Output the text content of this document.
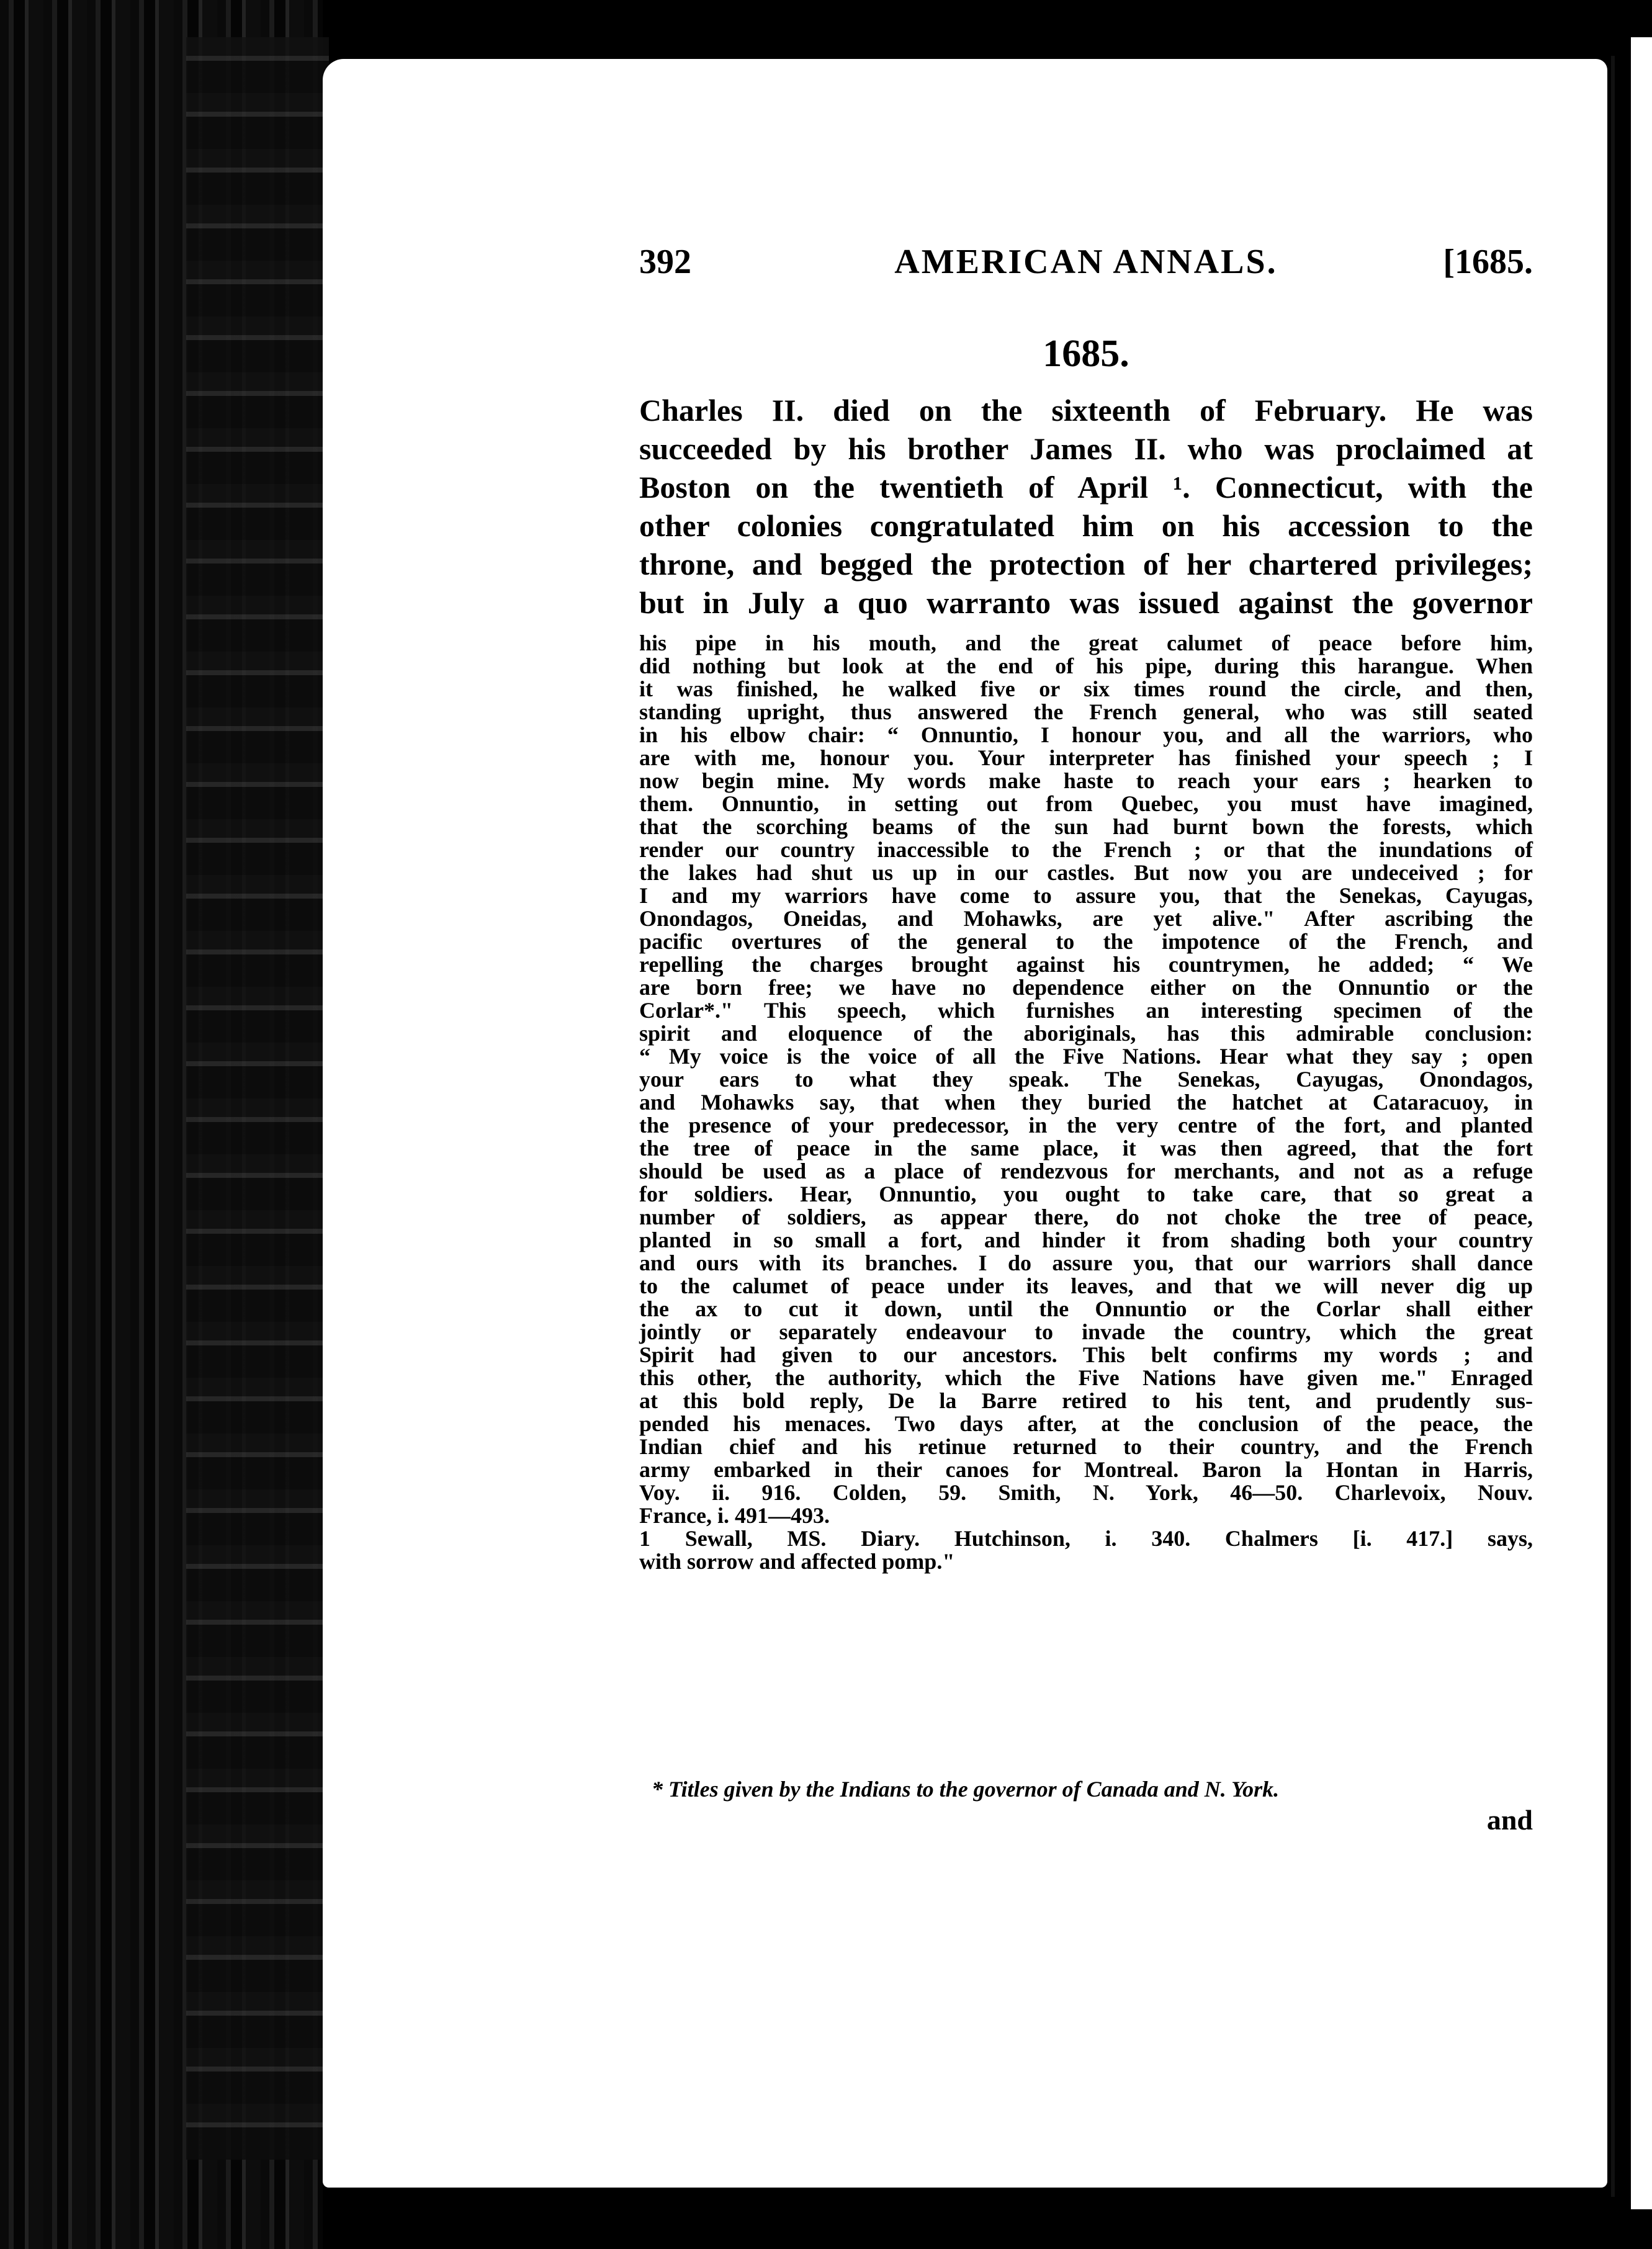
392	AMERICAN ANNALS.	[1685.
1685.
Charles II. died on the sixteenth of February. He was
succeeded by his brother James II. who was proclaimed at
Boston on the twentieth of April ¹. Connecticut, with the
other colonies congratulated him on his accession to the
throne, and begged the protection of her chartered privileges;
but in July a quo warranto was issued against the governor
his pipe in his mouth, and the great calumet of peace before him,
did nothing but look at the end of his pipe, during this harangue. When
it was finished, he walked five or six times round the circle, and then,
standing upright, thus answered the French general, who was still seated
in his elbow chair: “ Onnuntio, I honour you, and all the warriors, who
are with me, honour you. Your interpreter has finished your speech ; I
now begin mine. My words make haste to reach your ears ; hearken to
them. Onnuntio, in setting out from Quebec, you must have imagined,
that the scorching beams of the sun had burnt bown the forests, which
render our country inaccessible to the French ; or that the inundations of
the lakes had shut us up in our castles. But now you are undeceived ; for
I and my warriors have come to assure you, that the Senekas, Cayugas,
Onondagos, Oneidas, and Mohawks, are yet alive." After ascribing the
pacific overtures of the general to the impotence of the French, and
repelling the charges brought against his countrymen, he added; “ We
are born free; we have no dependence either on the Onnuntio or the
Corlar*." This speech, which furnishes an interesting specimen of the
spirit and eloquence of the aboriginals, has this admirable conclusion:
“ My voice is the voice of all the Five Nations. Hear what they say ; open
your ears to what they speak. The Senekas, Cayugas, Onondagos,
and Mohawks say, that when they buried the hatchet at Cataracuoy, in
the presence of your predecessor, in the very centre of the fort, and planted
the tree of peace in the same place, it was then agreed, that the fort
should be used as a place of rendezvous for merchants, and not as a refuge
for soldiers. Hear, Onnuntio, you ought to take care, that so great a
number of soldiers, as appear there, do not choke the tree of peace,
planted in so small a fort, and hinder it from shading both your country
and ours with its branches. I do assure you, that our warriors shall dance
to the calumet of peace under its leaves, and that we will never dig up
the ax to cut it down, until the Onnuntio or the Corlar shall either
jointly or separately endeavour to invade the country, which the great
Spirit had given to our ancestors. This belt confirms my words ; and
this other, the authority, which the Five Nations have given me." Enraged
at this bold reply, De la Barre retired to his tent, and prudently sus-
pended his menaces. Two days after, at the conclusion of the peace, the
Indian chief and his retinue returned to their country, and the French
army embarked in their canoes for Montreal. Baron la Hontan in Harris,
Voy. ii. 916. Colden, 59. Smith, N. York, 46—50. Charlevoix, Nouv.
France, i. 491—493.
1 Sewall, MS. Diary. Hutchinson, i. 340. Chalmers [i. 417.] says,
with sorrow and affected pomp."
* Titles given by the Indians to the governor of Canada and N. York.
and
